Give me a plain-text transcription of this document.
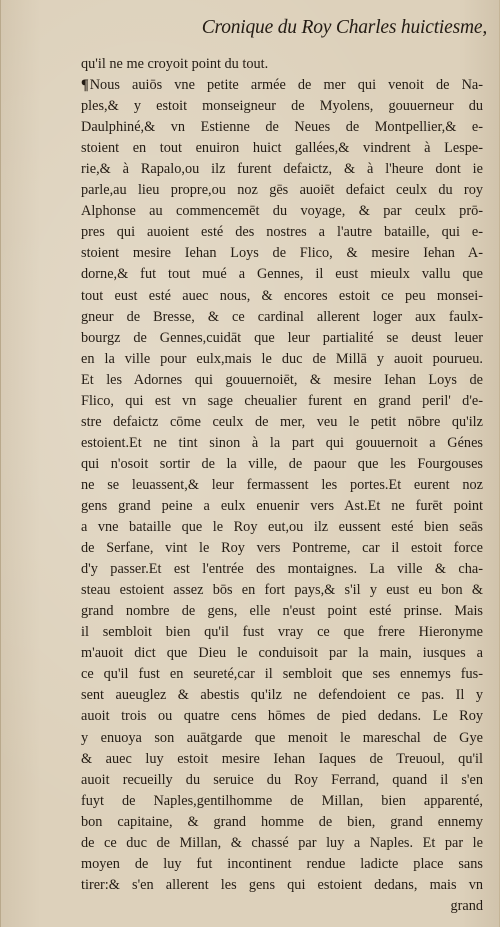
Cronique du Roy Charles huictiesme,
qu'il ne me croyoit point du tout.
¶Nous auiōs vne petite armée de mer qui venoit de Na-
ples,& y estoit monseigneur de Myolens, gouuerneur du
Daulphiné,& vn Estienne de Neues de Montpellier,& e-
stoient en tout enuiron huict gallées,& vindrent à Lespe-
rie,& à Rapalo,ou ilz furent defaictz, & à l'heure dont ie
parle,au lieu propre,ou noz gēs auoiēt defaict ceulx du roy
Alphonse au commencemēt du voyage, & par ceulx prō-
pres qui auoient esté des nostres a l'autre bataille, qui e-
stoient mesire Iehan Loys de Flico, & mesire Iehan A-
dorne,& fut tout mué a Gennes, il eust mieulx vallu que
tout eust esté auec nous, & encores estoit ce peu monsei-
gneur de Bresse, & ce cardinal allerent loger aux faulx-
bourgz de Gennes,cuidāt que leur partialité se deust leuer
en la ville pour eulx,mais le duc de Millā y auoit pourueu.
Et les Adornes qui gouuernoiēt, & mesire Iehan Loys de
Flico, qui est vn sage cheualier furent en grand peril' d'e-
stre defaictz cōme ceulx de mer, veu le petit nōbre qu'ilz
estoient.Et ne tint sinon à la part qui gouuernoit a Génes
qui n'osoit sortir de la ville, de paour que les Fourgouses
ne se leuassent,& leur fermassent les portes.Et eurent noz
gens grand peine a eulx enuenir vers Ast.Et ne furēt point
a vne bataille que le Roy eut,ou ilz eussent esté bien seās
de Serfane, vint le Roy vers Pontreme, car il estoit force
d'y passer.Et est l'entrée des montaignes. La ville & cha-
steau estoient assez bōs en fort pays,& s'il y eust eu bon &
grand nombre de gens, elle n'eust point esté prinse. Mais
il sembloit bien qu'il fust vray ce que frere Hieronyme
m'auoit dict que Dieu le conduisoit par la main, iusques a
ce qu'il fust en seureté,car il sembloit que ses ennemys fus-
sent aueuglez & abestis qu'ilz ne defendoient ce pas. Il y
auoit trois ou quatre cens hōmes de pied dedans. Le Roy
y enuoya son auātgarde que menoit le mareschal de Gye
& auec luy estoit mesire Iehan Iaques de Treuoul, qu'il
auoit recueilly du seruice du Roy Ferrand, quand il s'en
fuyt de Naples,gentilhomme de Millan, bien apparenté,
bon capitaine, & grand homme de bien, grand ennemy
de ce duc de Millan, & chassé par luy a Naples. Et par le
moyen de luy fut incontinent rendue ladicte place sans
tirer:& s'en allerent les gens qui estoient dedans, mais vn
grand
